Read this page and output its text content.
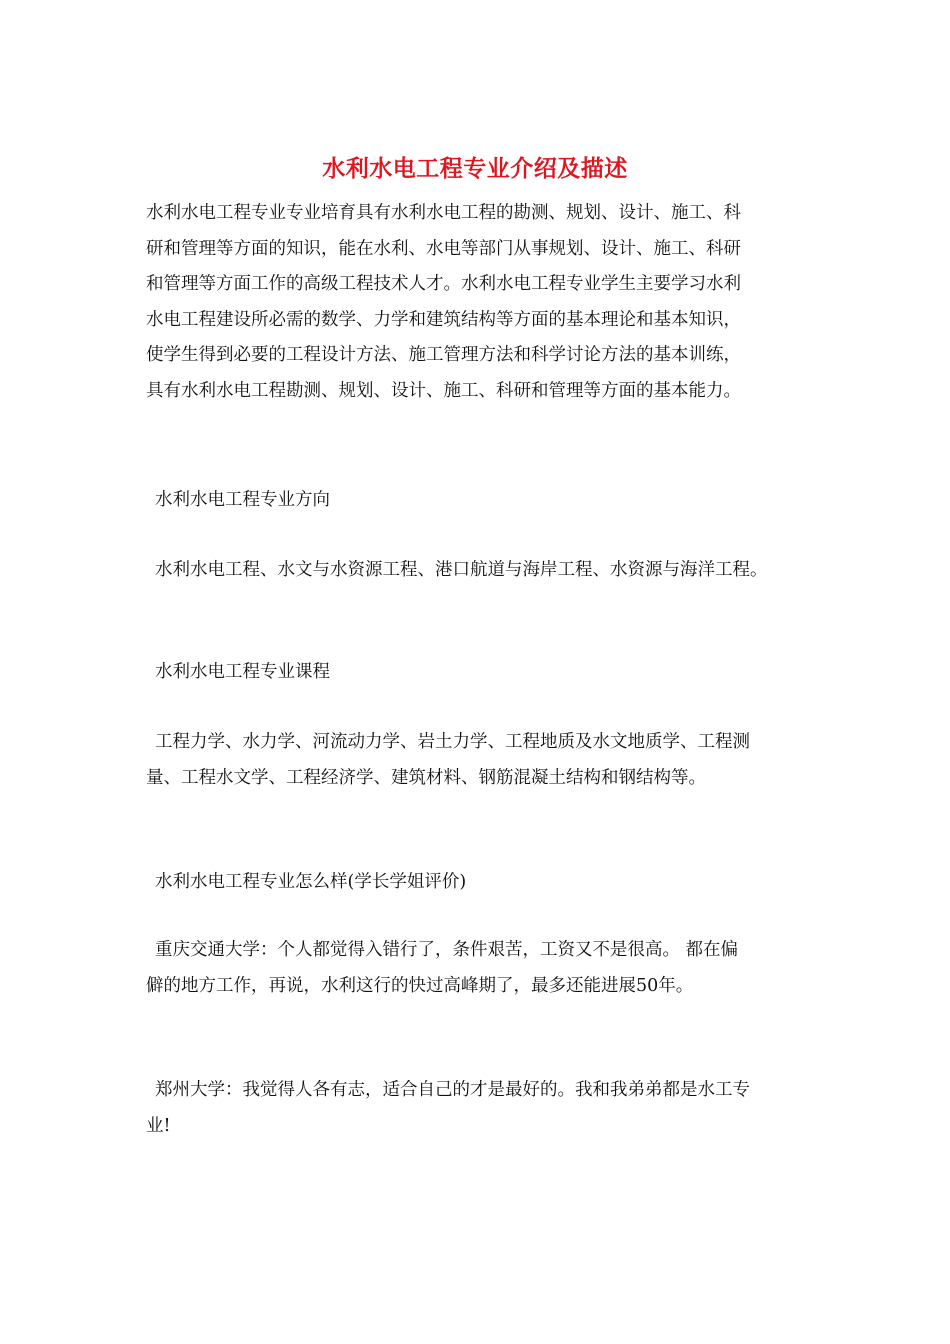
水利水电工程专业介绍及描述
水利水电工程专业专业培育具有水利水电工程的勘测、规划、设计、施工、科
研和管理等方面的知识，能在水利、水电等部门从事规划、设计、施工、科研
和管理等方面工作的高级工程技术人才。水利水电工程专业学生主要学习水利
水电工程建设所必需的数学、力学和建筑结构等方面的基本理论和基本知识，
使学生得到必要的工程设计方法、施工管理方法和科学讨论方法的基本训练，
具有水利水电工程勘测、规划、设计、施工、科研和管理等方面的基本能力。
水利水电工程专业方向
水利水电工程、水文与水资源工程、港口航道与海岸工程、水资源与海洋工程。
水利水电工程专业课程
工程力学、水力学、河流动力学、岩土力学、工程地质及水文地质学、工程测
量、工程水文学、工程经济学、建筑材料、钢筋混凝土结构和钢结构等。
水利水电工程专业怎么样(学长学姐评价)
重庆交通大学：个人都觉得入错行了，条件艰苦，工资又不是很高。 都在偏
僻的地方工作，再说，水利这行的快过高峰期了，最多还能进展50年。
郑州大学：我觉得人各有志，适合自己的才是最好的。我和我弟弟都是水工专
业!
